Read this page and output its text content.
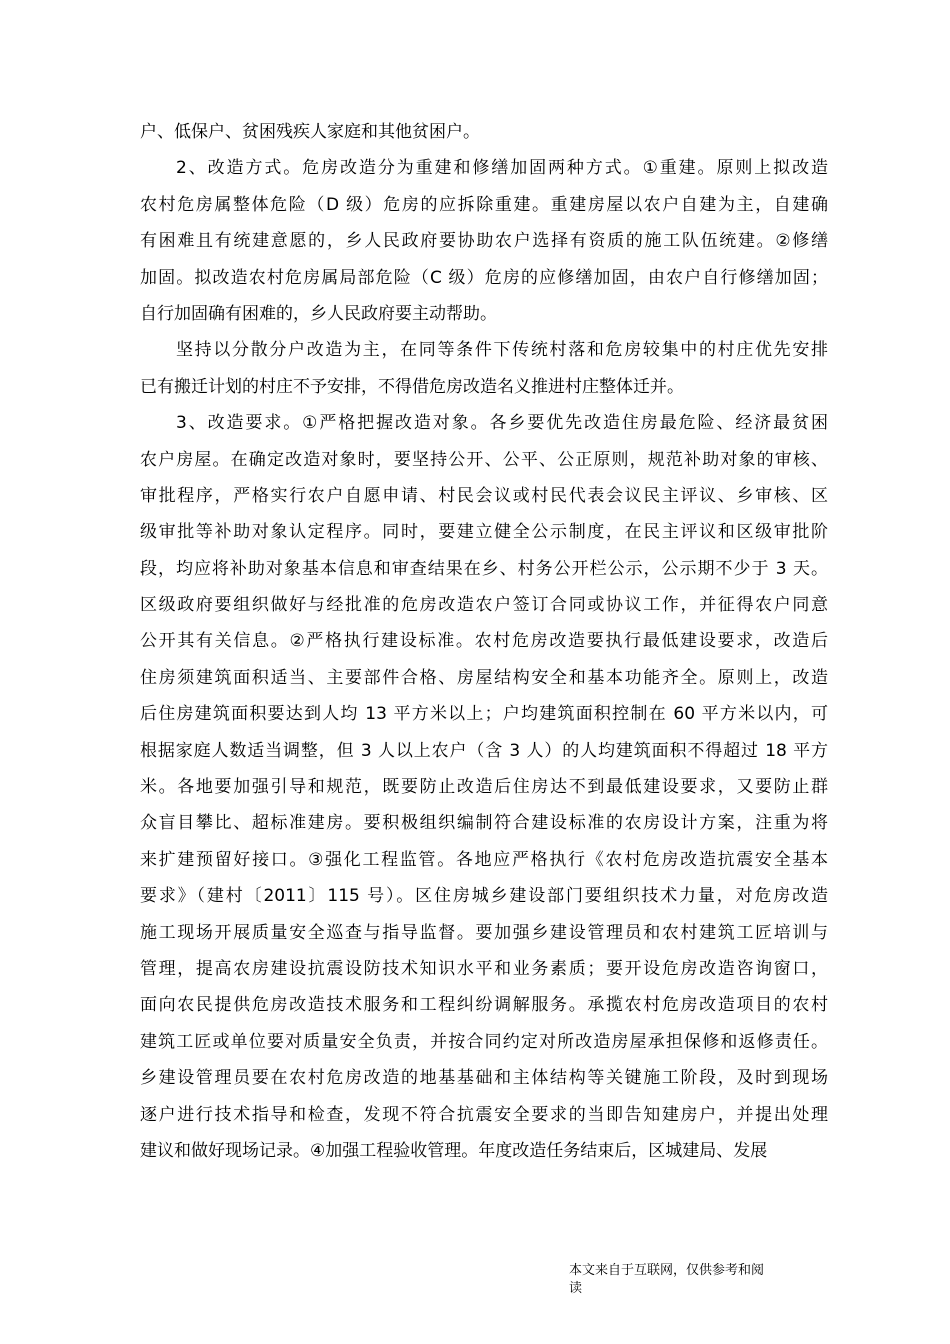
户、低保户、贫困残疾人家庭和其他贫困户。
2、改造方式。危房改造分为重建和修缮加固两种方式。①重建。原则上拟改造
农村危房属整体危险（D 级）危房的应拆除重建。重建房屋以农户自建为主，自建确
有困难且有统建意愿的，乡人民政府要协助农户选择有资质的施工队伍统建。②修缮
加固。拟改造农村危房属局部危险（C 级）危房的应修缮加固，由农户自行修缮加固；
自行加固确有困难的，乡人民政府要主动帮助。
坚持以分散分户改造为主，在同等条件下传统村落和危房较集中的村庄优先安排
已有搬迁计划的村庄不予安排，不得借危房改造名义推进村庄整体迁并。
3、改造要求。①严格把握改造对象。各乡要优先改造住房最危险、经济最贫困
农户房屋。在确定改造对象时，要坚持公开、公平、公正原则，规范补助对象的审核、
审批程序，严格实行农户自愿申请、村民会议或村民代表会议民主评议、乡审核、区
级审批等补助对象认定程序。同时，要建立健全公示制度，在民主评议和区级审批阶
段，均应将补助对象基本信息和审查结果在乡、村务公开栏公示，公示期不少于 3 天。
区级政府要组织做好与经批准的危房改造农户签订合同或协议工作，并征得农户同意
公开其有关信息。②严格执行建设标准。农村危房改造要执行最低建设要求，改造后
住房须建筑面积适当、主要部件合格、房屋结构安全和基本功能齐全。原则上，改造
后住房建筑面积要达到人均 13 平方米以上；户均建筑面积控制在 60 平方米以内，可
根据家庭人数适当调整，但 3 人以上农户（含 3 人）的人均建筑面积不得超过 18 平方
米。各地要加强引导和规范，既要防止改造后住房达不到最低建设要求，又要防止群
众盲目攀比、超标准建房。要积极组织编制符合建设标准的农房设计方案，注重为将
来扩建预留好接口。③强化工程监管。各地应严格执行《农村危房改造抗震安全基本
要求》（建村〔2011〕115 号）。区住房城乡建设部门要组织技术力量，对危房改造
施工现场开展质量安全巡查与指导监督。要加强乡建设管理员和农村建筑工匠培训与
管理，提高农房建设抗震设防技术知识水平和业务素质；要开设危房改造咨询窗口，
面向农民提供危房改造技术服务和工程纠纷调解服务。承揽农村危房改造项目的农村
建筑工匠或单位要对质量安全负责，并按合同约定对所改造房屋承担保修和返修责任。
乡建设管理员要在农村危房改造的地基基础和主体结构等关键施工阶段，及时到现场
逐户进行技术指导和检查，发现不符合抗震安全要求的当即告知建房户，并提出处理
建议和做好现场记录。④加强工程验收管理。年度改造任务结束后，区城建局、发展
本文来自于互联网，仅供参考和阅
读
